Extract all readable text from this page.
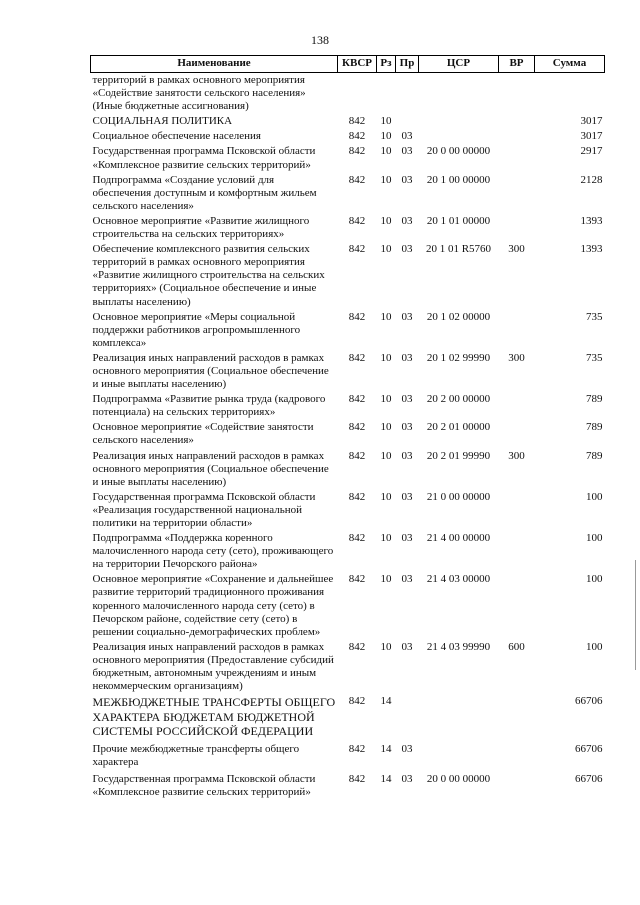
138
Наименование	КВСР	Рз	Пр	ЦСР	ВР	Сумма
территорий в рамках основного мероприятия «Содействие занятости сельского населения» (Иные бюджетные ассигнования)						
СОЦИАЛЬНАЯ ПОЛИТИКА	842	10				3017
Социальное обеспечение населения	842	10	03			3017
Государственная программа Псковской области «Комплексное развитие сельских территорий»	842	10	03	20 0 00 00000		2917
Подпрограмма «Создание условий для обеспечения доступным и комфортным жильем сельского населения»	842	10	03	20 1 00 00000		2128
Основное мероприятие «Развитие жилищного строительства на сельских территориях»	842	10	03	20 1 01 00000		1393
Обеспечение комплексного развития сельских территорий в рамках основного мероприятия «Развитие жилищного строительства на сельских территориях» (Социальное обеспечение и иные выплаты населению)	842	10	03	20 1 01 R5760	300	1393
Основное мероприятие «Меры социальной поддержки работников агропромышленного комплекса»	842	10	03	20 1 02 00000		735
Реализация иных направлений расходов в рамках основного мероприятия (Социальное обеспечение и иные выплаты населению)	842	10	03	20 1 02 99990	300	735
Подпрограмма «Развитие рынка труда (кадрового потенциала) на сельских территориях»	842	10	03	20 2 00 00000		789
Основное мероприятие «Содействие занятости сельского населения»	842	10	03	20 2 01 00000		789
Реализация иных направлений расходов в рамках основного мероприятия (Социальное обеспечение и иные выплаты населению)	842	10	03	20 2 01 99990	300	789
Государственная программа Псковской области «Реализация государственной национальной политики на территории области»	842	10	03	21 0 00 00000		100
Подпрограмма «Поддержка коренного малочисленного народа сету (сето), проживающего на территории Печорского района»	842	10	03	21 4 00 00000		100
Основное мероприятие «Сохранение и дальнейшее развитие территорий традиционного проживания коренного малочисленного народа сету (сето) в Печорском районе, содействие сету (сето) в решении социально-демографических проблем»	842	10	03	21 4 03 00000		100
Реализация иных направлений расходов в рамках основного мероприятия (Предоставление субсидий бюджетным, автономным учреждениям и иным некоммерческим организациям)	842	10	03	21 4 03 99990	600	100
МЕЖБЮДЖЕТНЫЕ ТРАНСФЕРТЫ ОБЩЕГО ХАРАКТЕРА БЮДЖЕТАМ БЮДЖЕТНОЙ СИСТЕМЫ РОССИЙСКОЙ ФЕДЕРАЦИИ	842	14				66706
Прочие межбюджетные трансферты общего характера	842	14	03			66706
Государственная программа Псковской области «Комплексное развитие сельских территорий»	842	14	03	20 0 00 00000		66706
